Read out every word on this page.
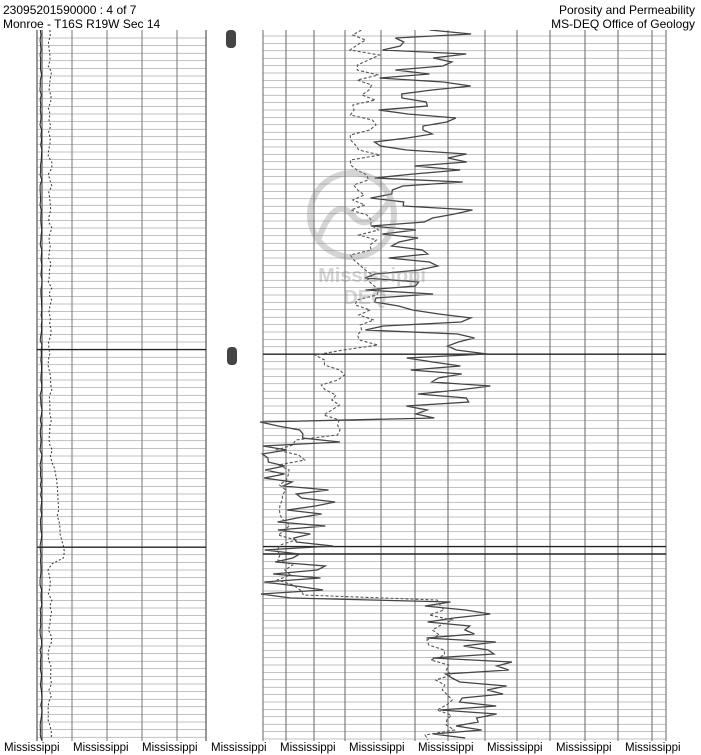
23095201590000 : 4 of 7
Monroe - T16S R19W Sec 14
Porosity and Permeability
MS-DEQ Office of Geology
Mississippi
DEQ
Mississippi Mississippi Mississippi Mississippi Mississippi Mississippi Mississippi Mississippi Mississippi Mississippi
